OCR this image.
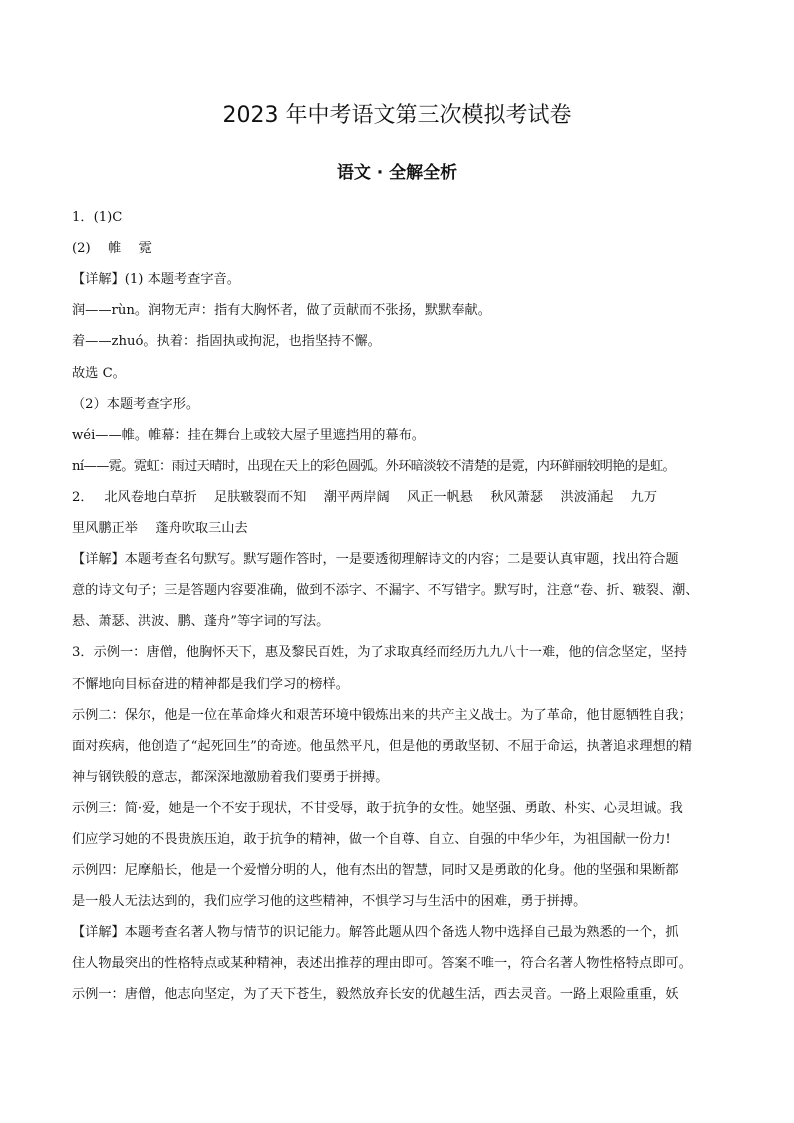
2023 年中考语文第三次模拟考试卷
语文 · 全解全析
1．(1)C
(2)　 帷　 霓
【详解】(1) 本题考查字音。
润——rùn。润物无声：指有大胸怀者，做了贡献而不张扬，默默奉献。
着——zhuó。执着：指固执或拘泥，也指坚持不懈。
故选 C。
（2）本题考查字形。
wéi——帷。帷幕：挂在舞台上或较大屋子里遮挡用的幕布。
ní——霓。霓虹：雨过天晴时，出现在天上的彩色圆弧。外环暗淡较不清楚的是霓，内环鲜丽较明艳的是虹。
2．　 北风卷地白草折　 足肤皲裂而不知　 潮平两岸阔　 风正一帆悬　 秋风萧瑟　 洪波涌起　 九万
里风鹏正举　 蓬舟吹取三山去
【详解】本题考查名句默写。默写题作答时，一是要透彻理解诗文的内容；二是要认真审题，找出符合题
意的诗文句子；三是答题内容要准确，做到不添字、不漏字、不写错字。默写时，注意“卷、折、皲裂、潮、
悬、萧瑟、洪波、鹏、蓬舟”等字词的写法。
3．示例一：唐僧，他胸怀天下，惠及黎民百姓，为了求取真经而经历九九八十一难，他的信念坚定，坚持
不懈地向目标奋进的精神都是我们学习的榜样。
示例二：保尔，他是一位在革命烽火和艰苦环境中锻炼出来的共产主义战士。为了革命，他甘愿牺牲自我；
面对疾病，他创造了“起死回生”的奇迹。他虽然平凡，但是他的勇敢坚韧、不屈于命运，执著追求理想的精
神与钢铁般的意志，都深深地激励着我们要勇于拼搏。
示例三：简·爱，她是一个不安于现状，不甘受辱，敢于抗争的女性。她坚强、勇敢、朴实、心灵坦诚。我
们应学习她的不畏贵族压迫，敢于抗争的精神，做一个自尊、自立、自强的中华少年，为祖国献一份力!
示例四：尼摩船长，他是一个爱憎分明的人，他有杰出的智慧，同时又是勇敢的化身。他的坚强和果断都
是一般人无法达到的，我们应学习他的这些精神，不惧学习与生活中的困难，勇于拼搏。
【详解】本题考查名著人物与情节的识记能力。解答此题从四个备选人物中选择自己最为熟悉的一个，抓
住人物最突出的性格特点或某种精神，表述出推荐的理由即可。答案不唯一，符合名著人物性格特点即可。
示例一：唐僧，他志向坚定，为了天下苍生，毅然放弃长安的优越生活，西去灵音。一路上艰险重重，妖
